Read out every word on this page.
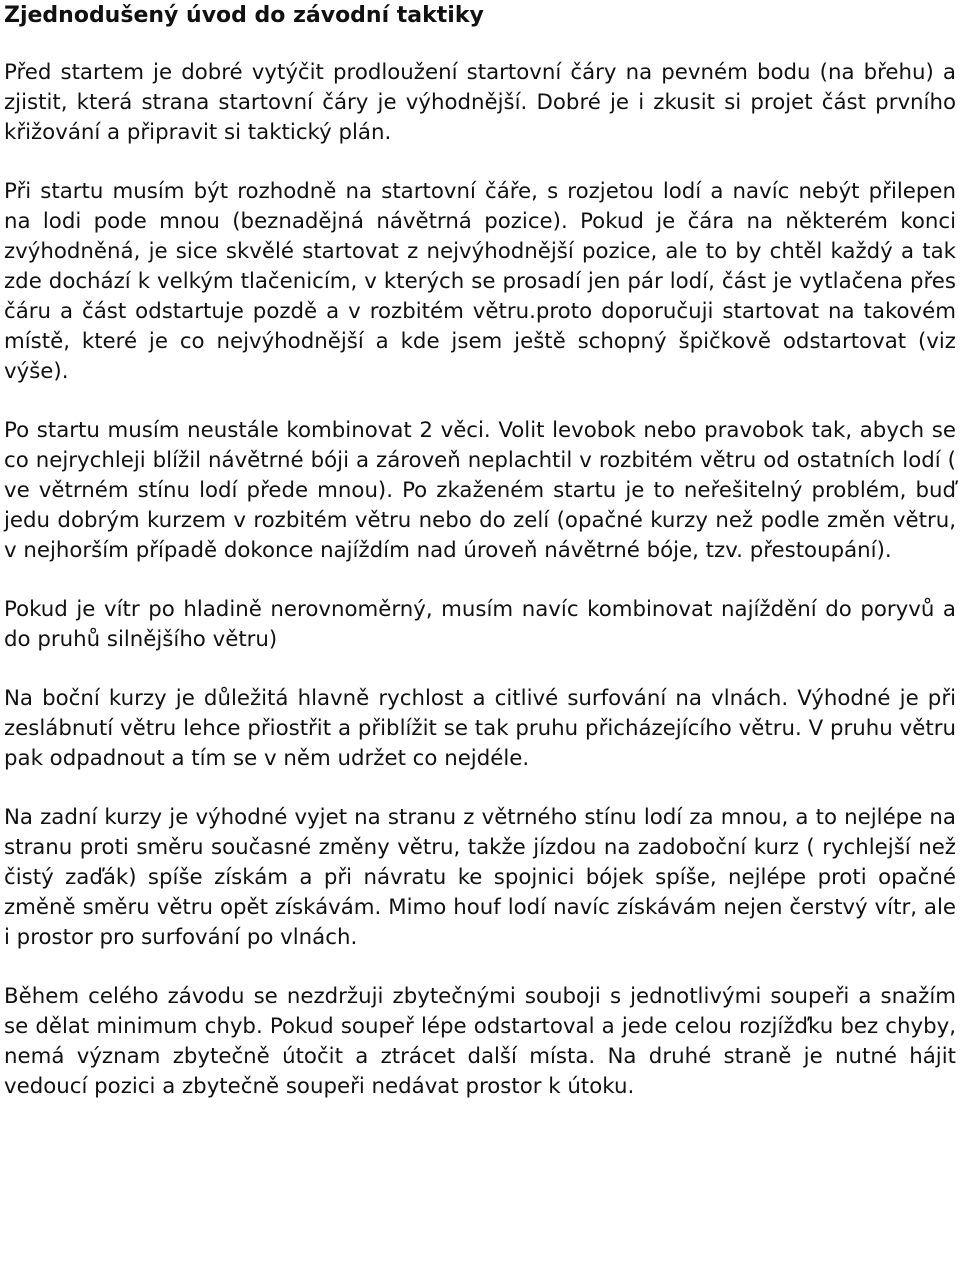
Zjednodušený úvod do závodní taktiky

Před startem je dobré vytýčit prodloužení startovní čáry na pevném bodu (na břehu) a zjistit, která strana startovní čáry je výhodnější. Dobré je i zkusit si projet část prvního křižování a připravit si taktický plán.

Při startu musím být rozhodně na startovní čáře, s rozjetou lodí a navíc nebýt přilepen na lodi pode mnou (beznadějná návětrná pozice). Pokud je čára na některém konci zvýhodněná, je sice skvělé startovat z nejvýhodnější pozice, ale to by chtěl každý a tak zde dochází k velkým tlačenicím, v kterých se prosadí jen pár lodí, část je vytlačena přes čáru a část odstartuje pozdě a v rozbitém větru.proto doporučuji startovat na takovém místě, které je co nejvýhodnější a kde jsem ještě schopný špičkově odstartovat (viz výše).

Po startu musím neustále kombinovat 2 věci. Volit levobok nebo pravobok tak, abych se co nejrychleji blížil návětrné bóji a zároveň neplachtil v rozbitém větru od ostatních lodí ( ve větrném stínu lodí přede mnou). Po zkaženém startu je to neřešitelný problém, buď jedu dobrým kurzem v rozbitém větru nebo do zelí (opačné kurzy než podle změn větru, v nejhorším případě dokonce najíždím nad úroveň návětrné bóje, tzv. přestoupání).

Pokud je vítr po hladině nerovnoměrný, musím navíc kombinovat najíždění do poryvů a do pruhů silnějšího větru)

Na boční kurzy je důležitá hlavně rychlost a citlivé surfování na vlnách. Výhodné je při zeslábnutí větru lehce přiostřit a přiblížit se tak pruhu přicházejícího větru. V pruhu větru pak odpadnout a tím se v něm udržet co nejdéle.

Na zadní kurzy je výhodné vyjet na stranu z větrného stínu lodí za mnou, a to nejlépe na stranu proti směru současné změny větru, takže jízdou na zadoboční kurz ( rychlejší než čistý zaďák) spíše získám a při návratu ke spojnici bójek spíše, nejlépe proti opačné změně směru větru opět získávám. Mimo houf lodí navíc získávám nejen čerstvý vítr, ale i prostor pro surfování po vlnách.

Během celého závodu se nezdržuji zbytečnými souboji s jednotlivými soupeři a snažím se dělat minimum chyb. Pokud soupeř lépe odstartoval a jede celou rozjížďku bez chyby, nemá význam zbytečně útočit a ztrácet další místa. Na druhé straně je nutné hájit vedoucí pozici a zbytečně soupeři nedávat prostor k útoku.
